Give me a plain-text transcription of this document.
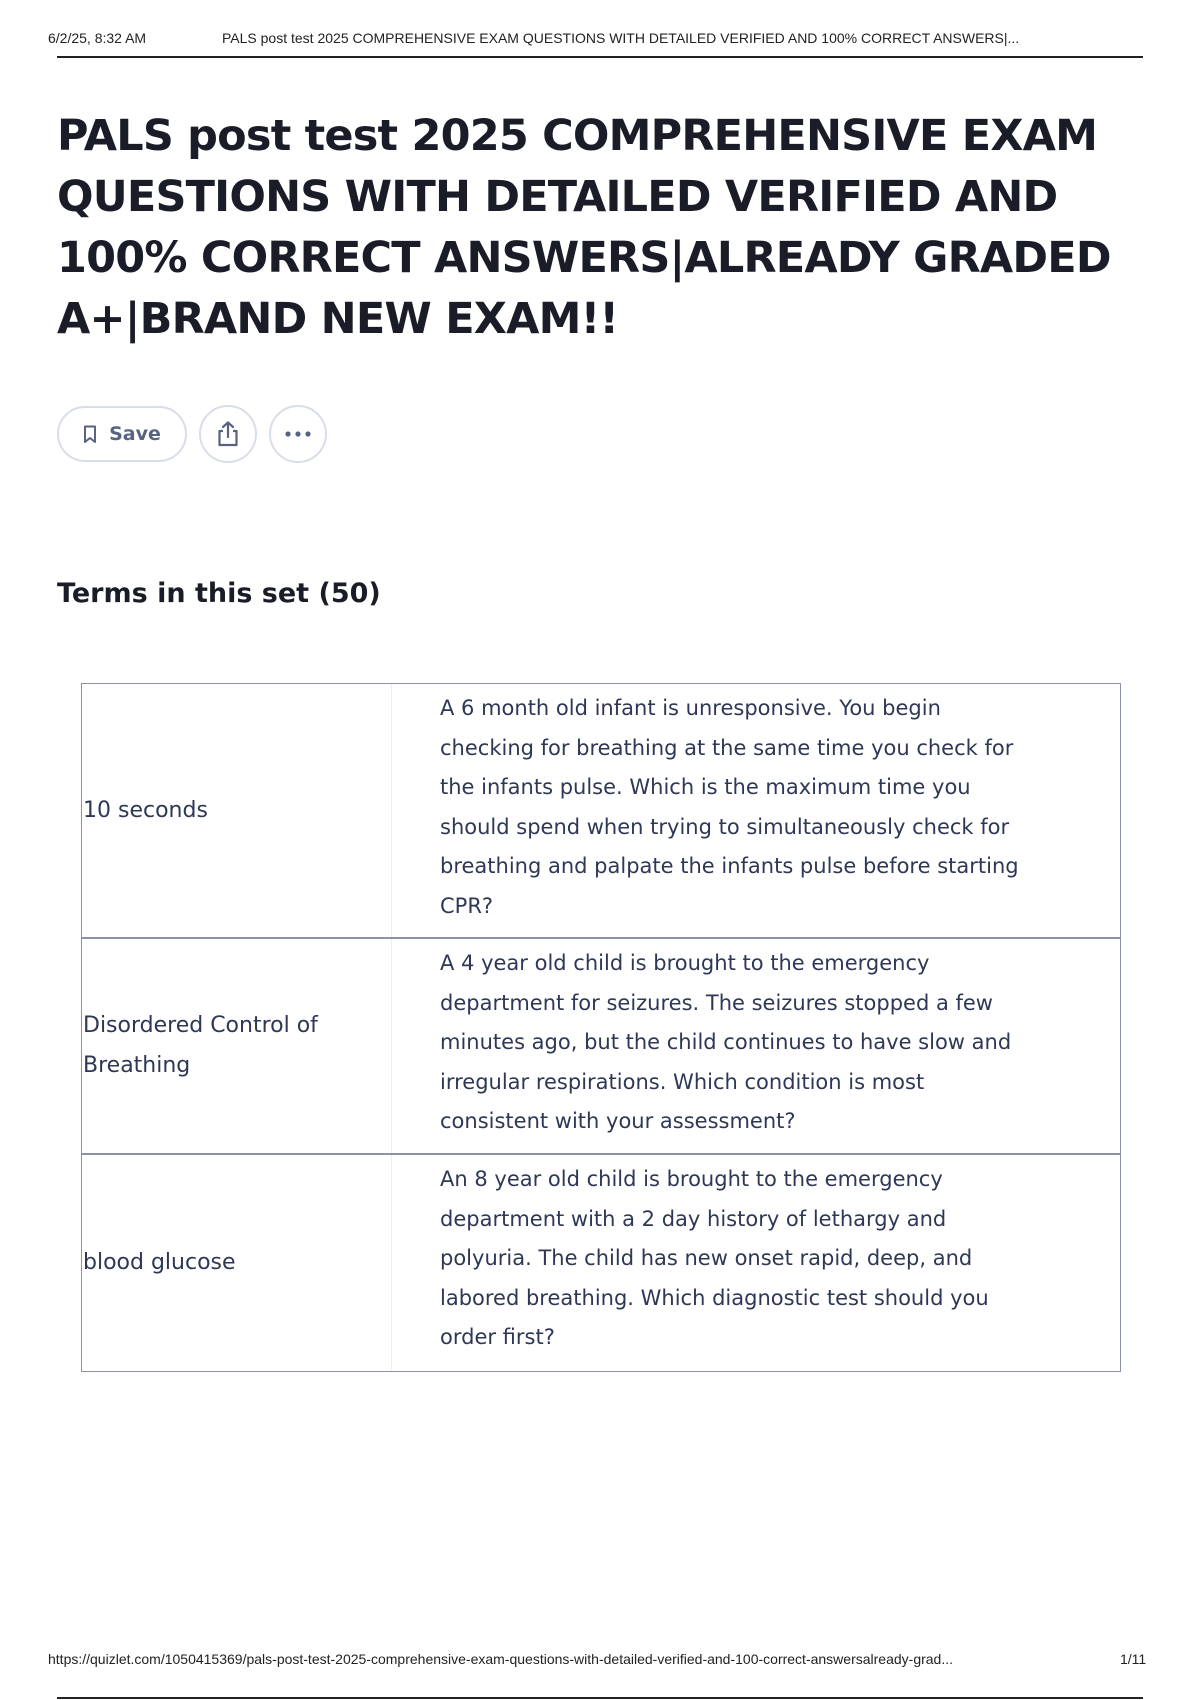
6/2/25, 8:32 AM	PALS post test 2025 COMPREHENSIVE EXAM QUESTIONS WITH DETAILED VERIFIED AND 100% CORRECT ANSWERS|...
PALS post test 2025 COMPREHENSIVE EXAM QUESTIONS WITH DETAILED VERIFIED AND 100% CORRECT ANSWERS|ALREADY GRADED A+|BRAND NEW EXAM!!
Save
Terms in this set (50)
10 seconds
A 6 month old infant is unresponsive. You begin checking for breathing at the same time you check for the infants pulse. Which is the maximum time you should spend when trying to simultaneously check for breathing and palpate the infants pulse before starting CPR?
Disordered Control of Breathing
A 4 year old child is brought to the emergency department for seizures. The seizures stopped a few minutes ago, but the child continues to have slow and irregular respirations. Which condition is most consistent with your assessment?
blood glucose
An 8 year old child is brought to the emergency department with a 2 day history of lethargy and polyuria. The child has new onset rapid, deep, and labored breathing. Which diagnostic test should you order first?
https://quizlet.com/1050415369/pals-post-test-2025-comprehensive-exam-questions-with-detailed-verified-and-100-correct-answersalready-grad...	1/11
